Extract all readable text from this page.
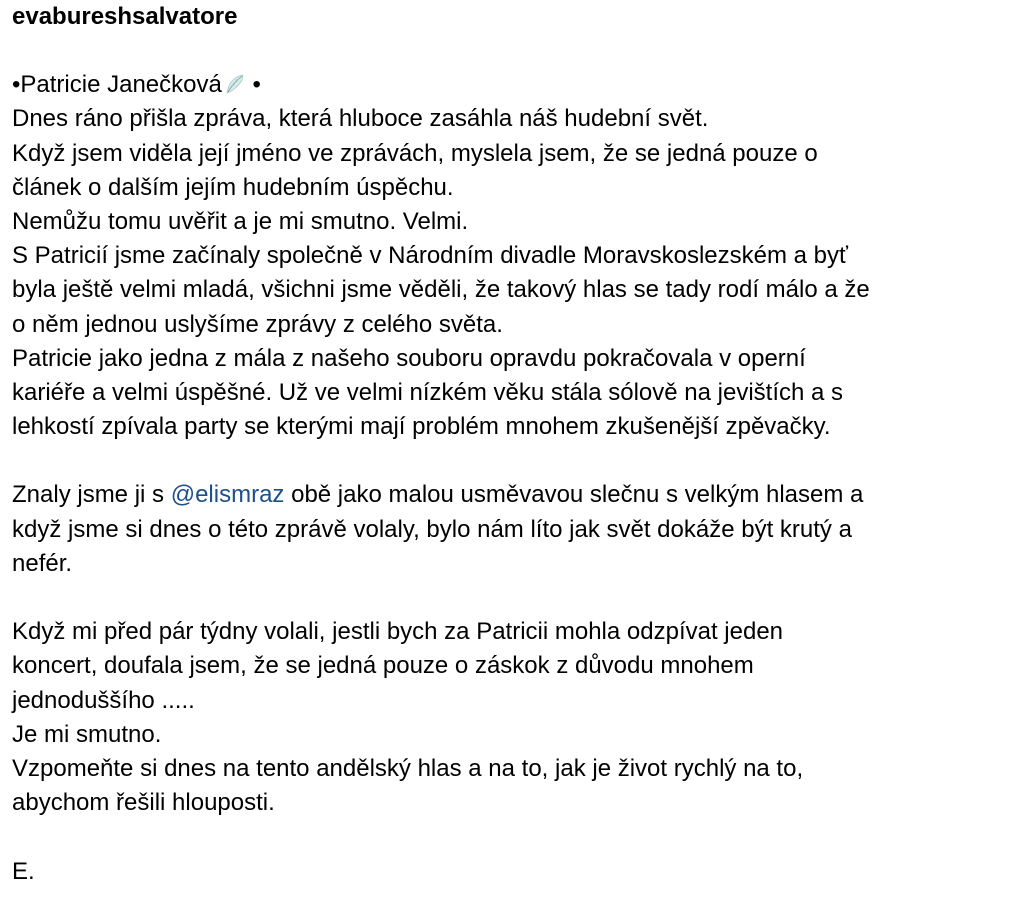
evabureshsalvatore
•Patricie Janečková •
Dnes ráno přišla zpráva, která hluboce zasáhla náš hudební svět.
Když jsem viděla její jméno ve zprávách, myslela jsem, že se jedná pouze o
článek o dalším jejím hudebním úspěchu.
Nemůžu tomu uvěřit a je mi smutno. Velmi.
S Patricií jsme začínaly společně v Národním divadle Moravskoslezském a byť
byla ještě velmi mladá, všichni jsme věděli, že takový hlas se tady rodí málo a že
o něm jednou uslyšíme zprávy z celého světa.
Patricie jako jedna z mála z našeho souboru opravdu pokračovala v operní
kariéře a velmi úspěšné. Už ve velmi nízkém věku stála sólově na jevištích a s
lehkostí zpívala party se kterými mají problém mnohem zkušenější zpěvačky.
Znaly jsme ji s @elismraz obě jako malou usměvavou slečnu s velkým hlasem a
když jsme si dnes o této zprávě volaly, bylo nám líto jak svět dokáže být krutý a
nefér.
Když mi před pár týdny volali, jestli bych za Patricii mohla odzpívat jeden
koncert, doufala jsem, že se jedná pouze o záskok z důvodu mnohem
jednoduššího .....
Je mi smutno.
Vzpomeňte si dnes na tento andělský hlas a na to, jak je život rychlý na to,
abychom řešili hlouposti.
E.
